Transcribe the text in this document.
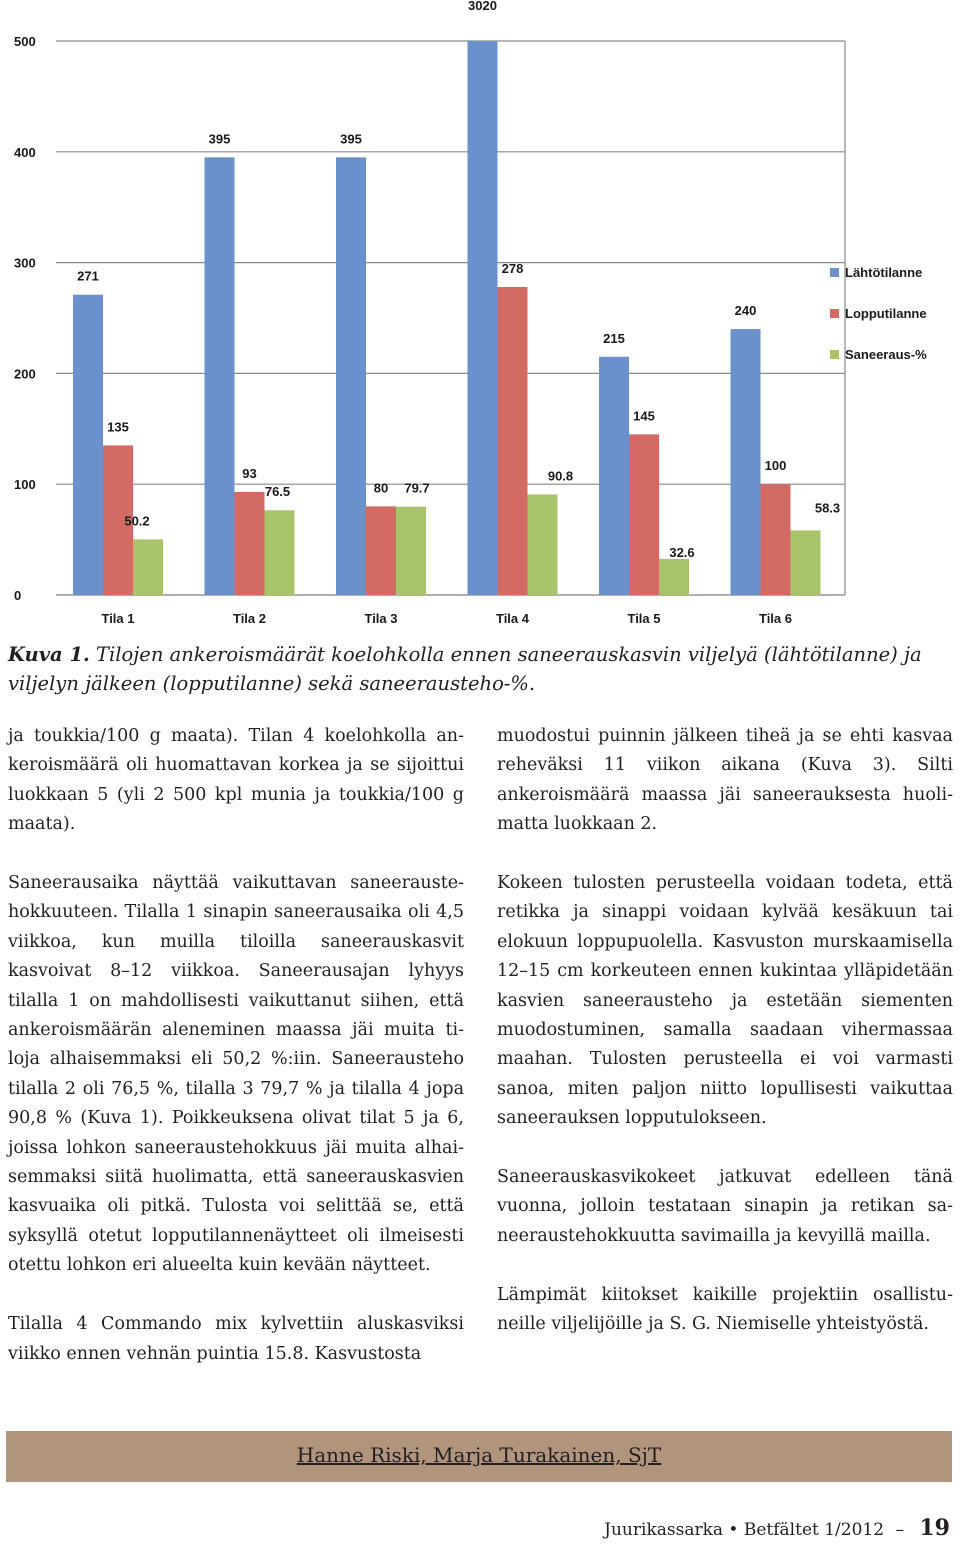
0
100
200
300
400
500
271
395	395
3020
215
240
135
93
80
278
145
100
50.2
76.5	79.7
90.8
32.6
58.3
Tila 1	Tila 2	Tila 3	Tila 4	Tila 5	Tila 6
Lähtötilanne
Lopputilanne
Saneeraus-%

Kuva 1. Tilojen ankeroismäärät koelohkolla ennen saneerauskasvin viljelyä (lähtötilanne) ja viljelyn jälkeen (lopputilanne) sekä saneerausteho-%.

ja toukkia/100 g maata). Tilan 4 koelohkolla ankeroismäärä oli huomattavan korkea ja se sijoittui luokkaan 5 (yli 2 500 kpl munia ja toukkia/100 g maata).

Saneerausaika näyttää vaikuttavan saneeraustehokkuuteen. Tilalla 1 sinapin saneerausaika oli 4,5 viikkoa, kun muilla tiloilla saneerauskasvit kasvoivat 8–12 viikkoa. Saneerausajan lyhyys tilalla 1 on mahdollisesti vaikuttanut siihen, että ankeroismäärän aleneminen maassa jäi muita tiloja alhaisemmaksi eli 50,2 %:iin. Saneerausteho tilalla 2 oli 76,5 %, tilalla 3 79,7 % ja tilalla 4 jopa 90,8 % (Kuva 1). Poikkeuksena olivat tilat 5 ja 6, joissa lohkon saneeraustehokkuus jäi muita alhaisemmaksi siitä huolimatta, että saneerauskasvien kasvuaika oli pitkä. Tulosta voi selittää se, että syksyllä otetut lopputilannenäytteet oli ilmeisesti otettu lohkon eri alueelta kuin kevään näytteet.

Tilalla 4 Commando mix kylvettiin aluskasviksi viikko ennen vehnän puintia 15.8. Kasvustosta

muodostui puinnin jälkeen tiheä ja se ehti kasvaa reheväksi 11 viikon aikana (Kuva 3). Silti ankeroismäärä maassa jäi saneerauksesta huolimatta luokkaan 2.

Kokeen tulosten perusteella voidaan todeta, että retikka ja sinappi voidaan kylvää kesäkuun tai elokuun loppupuolella. Kasvuston murskaamisella 12–15 cm korkeuteen ennen kukintaa ylläpidetään kasvien saneerausteho ja estetään siementen muodostuminen, samalla saadaan vihermassaa maahan. Tulosten perusteella ei voi varmasti sanoa, miten paljon niitto lopullisesti vaikuttaa saneerauksen lopputulokseen.

Saneerauskasvikokeet jatkuvat edelleen tänä vuonna, jolloin testataan sinapin ja retikan saneeraustehokkuutta savimailla ja kevyillä mailla.

Lämpimät kiitokset kaikille projektiin osallistuneille viljelijöille ja S. G. Niemiselle yhteistyöstä.

Hanne Riski, Marja Turakainen, SjT
Juurikassarka • Betfältet 1/2012 – 19
